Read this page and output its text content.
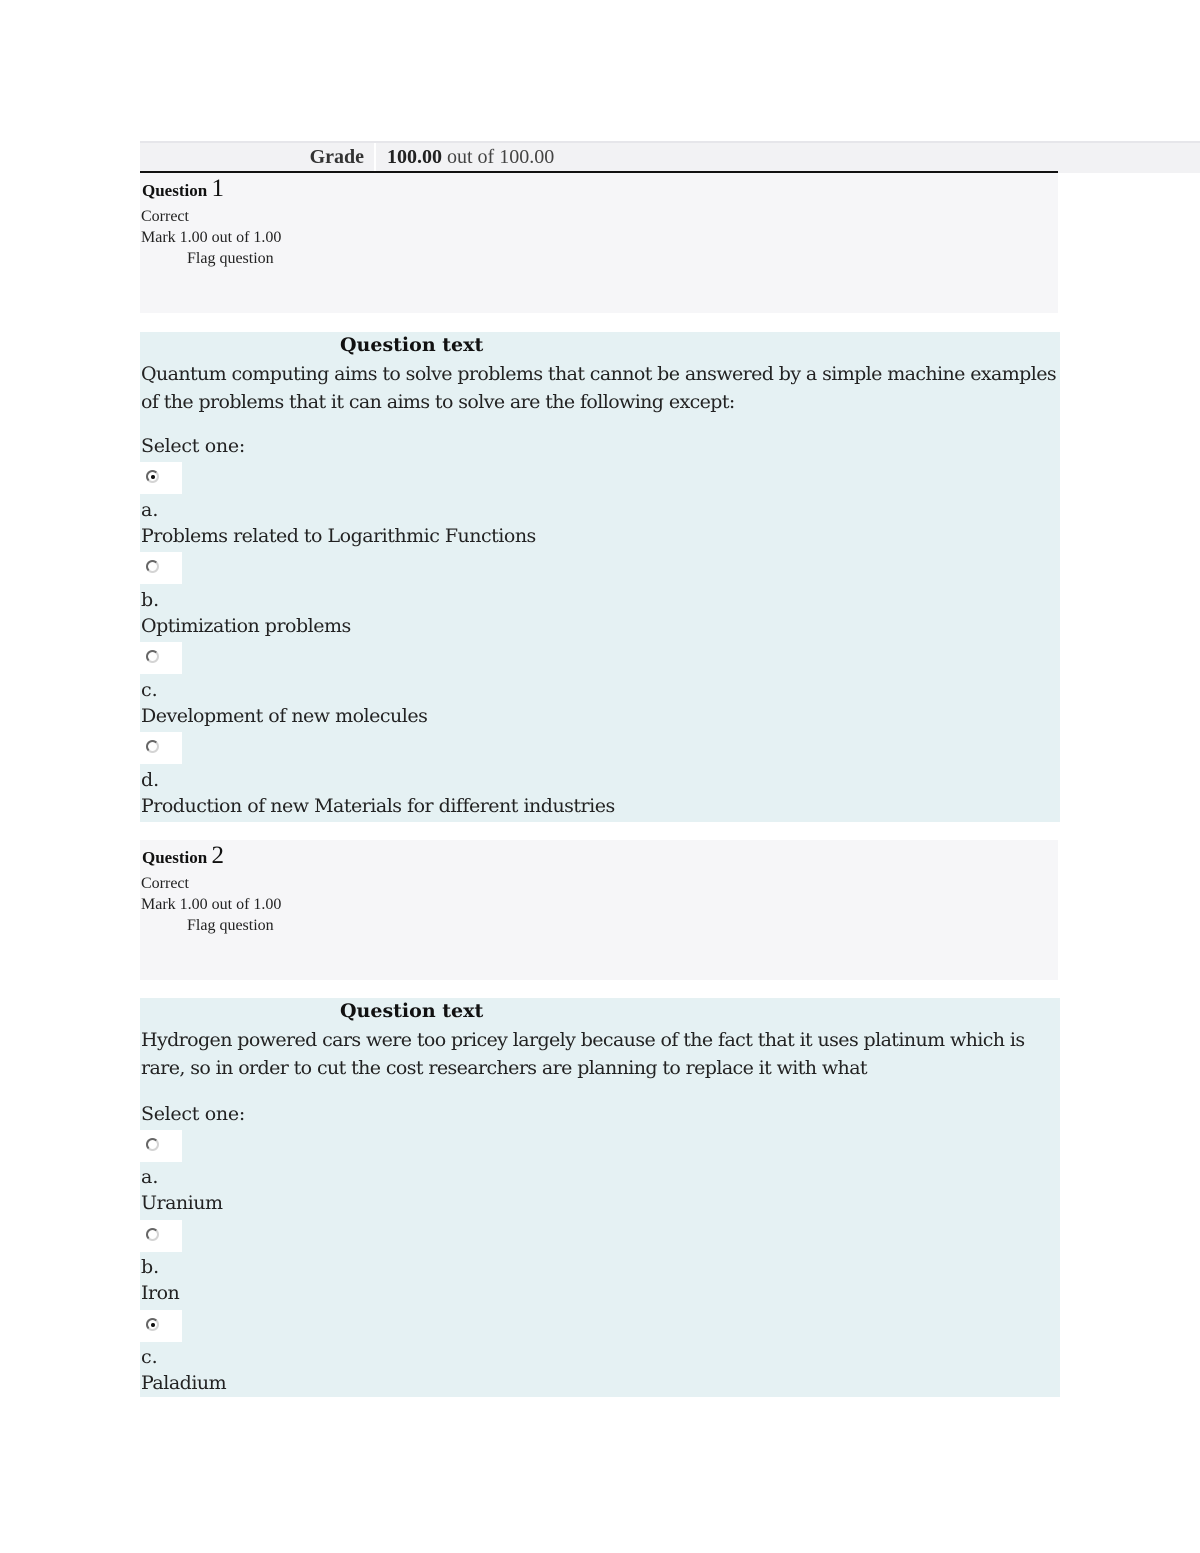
Grade 100.00 out of 100.00
Question 1
Correct
Mark 1.00 out of 1.00
Flag question
Question text
Quantum computing aims to solve problems that cannot be answered by a simple machine examples of the problems that it can aims to solve are the following except:
Select one:
a.
Problems related to Logarithmic Functions
b.
Optimization problems
c.
Development of new molecules
d.
Production of new Materials for different industries
Question 2
Correct
Mark 1.00 out of 1.00
Flag question
Question text
Hydrogen powered cars were too pricey largely because of the fact that it uses platinum which is rare, so in order to cut the cost researchers are planning to replace it with what
Select one:
a.
Uranium
b.
Iron
c.
Paladium
